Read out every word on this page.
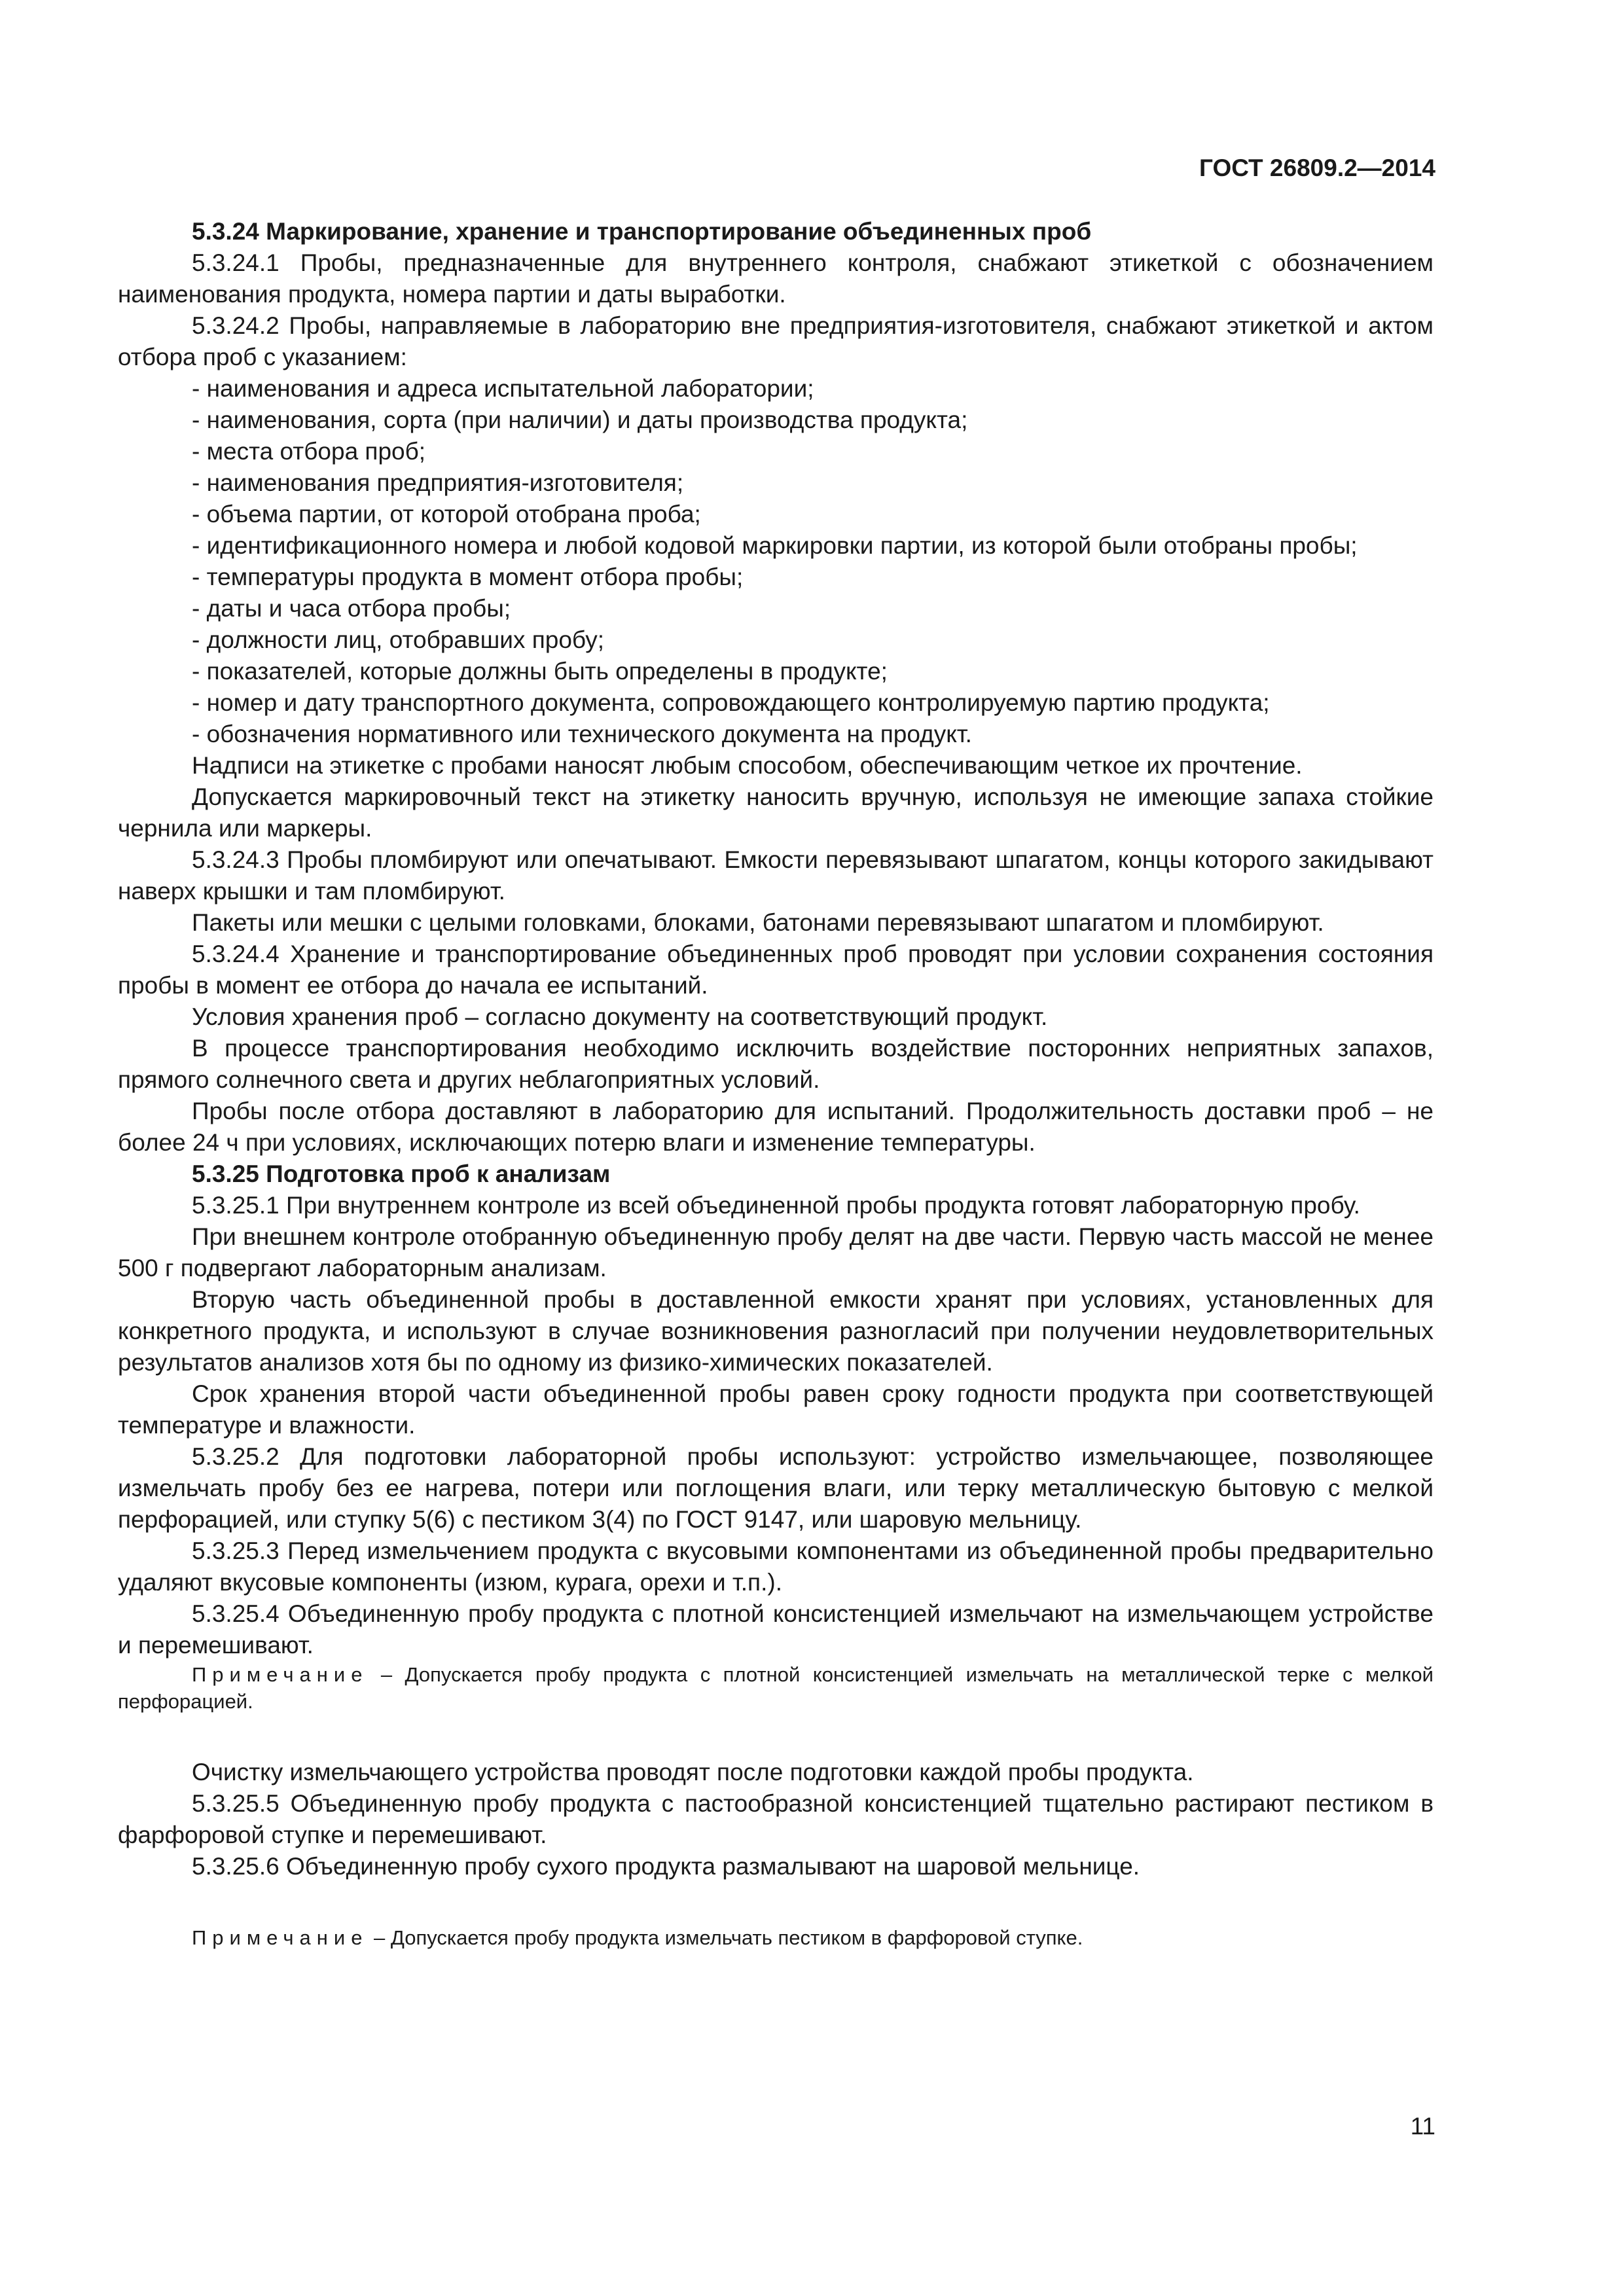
ГОСТ 26809.2—2014

5.3.24 Маркирование, хранение и транспортирование объединенных проб

5.3.24.1 Пробы, предназначенные для внутреннего контроля, снабжают этикеткой с обозначением наименования продукта, номера партии и даты выработки.

5.3.24.2 Пробы, направляемые в лабораторию вне предприятия-изготовителя, снабжают этикеткой и актом отбора проб с указанием:

- наименования и адреса испытательной лаборатории;

- наименования, сорта (при наличии) и даты производства продукта;

- места отбора проб;

- наименования предприятия-изготовителя;

- объема партии, от которой отобрана проба;

- идентификационного номера и любой кодовой маркировки партии, из которой были отобраны пробы;

- температуры продукта в момент отбора пробы;

- даты и часа отбора пробы;

- должности лиц, отобравших пробу;

- показателей, которые должны быть определены в продукте;

- номер и дату транспортного документа, сопровождающего контролируемую партию продукта;

- обозначения нормативного или технического документа на продукт.

Надписи на этикетке с пробами наносят любым способом, обеспечивающим четкое их прочтение.

Допускается маркировочный текст на этикетку наносить вручную, используя не имеющие запаха стойкие чернила или маркеры.

5.3.24.3 Пробы пломбируют или опечатывают. Емкости перевязывают шпагатом, концы которого закидывают наверх крышки и там пломбируют.

Пакеты или мешки с целыми головками, блоками, батонами перевязывают шпагатом и пломбируют.

5.3.24.4 Хранение и транспортирование объединенных проб проводят при условии сохранения состояния пробы в момент ее отбора до начала ее испытаний.

Условия хранения проб – согласно документу на соответствующий продукт.

В процессе транспортирования необходимо исключить воздействие посторонних неприятных запахов, прямого солнечного света и других неблагоприятных условий.

Пробы после отбора доставляют в лабораторию для испытаний. Продолжительность доставки проб – не более 24 ч при условиях, исключающих потерю влаги и изменение температуры.

5.3.25 Подготовка проб к анализам

5.3.25.1 При внутреннем контроле из всей объединенной пробы продукта готовят лабораторную пробу.

При внешнем контроле отобранную объединенную пробу делят на две части. Первую часть массой не менее 500 г подвергают лабораторным анализам.

Вторую часть объединенной пробы в доставленной емкости хранят при условиях, установленных для конкретного продукта, и используют в случае возникновения разногласий при получении неудовлетворительных результатов анализов хотя бы по одному из физико-химических показателей.

Срок хранения второй части объединенной пробы равен сроку годности продукта при соответствующей температуре и влажности.

5.3.25.2 Для подготовки лабораторной пробы используют: устройство измельчающее, позволяющее измельчать пробу без ее нагрева, потери или поглощения влаги, или терку металлическую бытовую с мелкой перфорацией, или ступку 5(6) с пестиком 3(4) по ГОСТ 9147, или шаровую мельницу.

5.3.25.3 Перед измельчением продукта с вкусовыми компонентами из объединенной пробы предварительно удаляют вкусовые компоненты (изюм, курага, орехи и т.п.).

5.3.25.4 Объединенную пробу продукта с плотной консистенцией измельчают на измельчающем устройстве и перемешивают.

Примечание – Допускается пробу продукта с плотной консистенцией измельчать на металлической терке с мелкой перфорацией.

Очистку измельчающего устройства проводят после подготовки каждой пробы продукта.

5.3.25.5 Объединенную пробу продукта с пастообразной консистенцией тщательно растирают пестиком в фарфоровой ступке и перемешивают.

5.3.25.6 Объединенную пробу сухого продукта размалывают на шаровой мельнице.

Примечание – Допускается пробу продукта измельчать пестиком в фарфоровой ступке.

11
